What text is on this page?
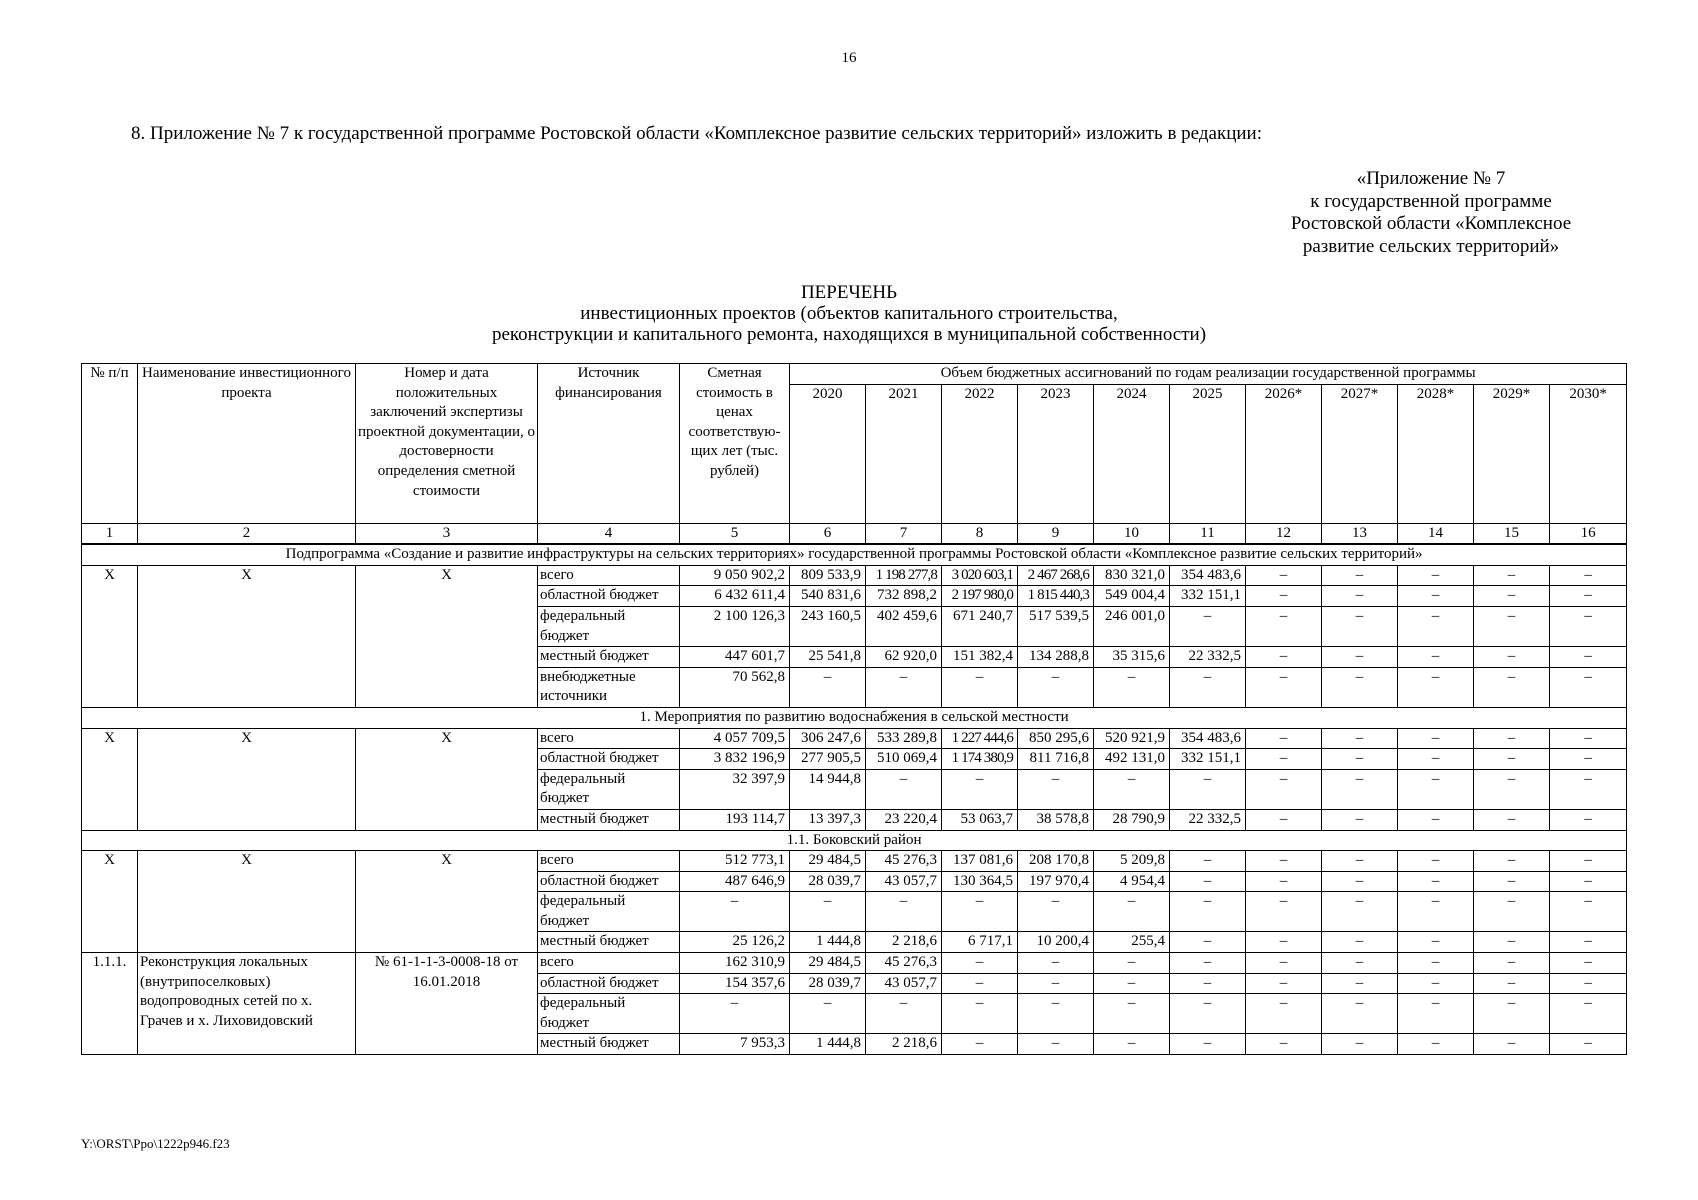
16
8. Приложение № 7 к государственной программе Ростовской области «Комплексное развитие сельских территорий» изложить в редакции:
«Приложение № 7
к государственной программе
Ростовской области «Комплексное
развитие сельских территорий»
ПЕРЕЧЕНЬ
инвестиционных проектов (объектов капитального строительства,
реконструкции и капитального ремонта, находящихся в муниципальной собственности)
№ п/п	Наименование инвестиционного проекта	Номер и дата положительных заключений экспертизы проектной документации, о достоверности определения сметной стоимости	Источник финансирования	Сметная стоимость в ценах соответствую-щих лет (тыс. рублей)	Объем бюджетных ассигнований по годам реализации государственной программы										
					2020	2021	2022	2023	2024	2025	2026*	2027*	2028*	2029*	2030*
1	2	3	4	5	6	7	8	9	10	11	12	13	14	15	16
Подпрограмма «Создание и развитие инфраструктуры на сельских территориях» государственной программы Ростовской области «Комплексное развитие сельских территорий»															
Х	Х	Х	всего	9 050 902,2	809 533,9	1 198 277,8	3 020 603,1	2 467 268,6	830 321,0	354 483,6	–	–	–	–	–
			областной бюджет	6 432 611,4	540 831,6	732 898,2	2 197 980,0	1 815 440,3	549 004,4	332 151,1	–	–	–	–	–
			федеральный бюджет	2 100 126,3	243 160,5	402 459,6	671 240,7	517 539,5	246 001,0	–	–	–	–	–	–
			местный бюджет	447 601,7	25 541,8	62 920,0	151 382,4	134 288,8	35 315,6	22 332,5	–	–	–	–	–
			внебюджетные источники	70 562,8	–	–	–	–	–	–	–	–	–	–	–
1. Мероприятия по развитию водоснабжения в сельской местности															
Х	Х	Х	всего	4 057 709,5	306 247,6	533 289,8	1 227 444,6	850 295,6	520 921,9	354 483,6	–	–	–	–	–
			областной бюджет	3 832 196,9	277 905,5	510 069,4	1 174 380,9	811 716,8	492 131,0	332 151,1	–	–	–	–	–
			федеральный бюджет	32 397,9	14 944,8	–	–	–	–	–	–	–	–	–	–
			местный бюджет	193 114,7	13 397,3	23 220,4	53 063,7	38 578,8	28 790,9	22 332,5	–	–	–	–	–
1.1. Боковский район															
Х	Х	Х	всего	512 773,1	29 484,5	45 276,3	137 081,6	208 170,8	5 209,8	–	–	–	–	–	–
			областной бюджет	487 646,9	28 039,7	43 057,7	130 364,5	197 970,4	4 954,4	–	–	–	–	–	–
			федеральный бюджет	–	–	–	–	–	–	–	–	–	–	–	–
			местный бюджет	25 126,2	1 444,8	2 218,6	6 717,1	10 200,4	255,4	–	–	–	–	–	–
1.1.1.	Реконструкция локальных (внутрипоселковых) водопроводных сетей по х. Грачев и х. Лиховидовский	№ 61-1-1-3-0008-18 от 16.01.2018	всего	162 310,9	29 484,5	45 276,3	–	–	–	–	–	–	–	–	–
			областной бюджет	154 357,6	28 039,7	43 057,7	–	–	–	–	–	–	–	–	–
			федеральный бюджет	–	–	–	–	–	–	–	–	–	–	–	–
			местный бюджет	7 953,3	1 444,8	2 218,6	–	–	–	–	–	–	–	–	–
Y:\ORST\Ppo\1222p946.f23
